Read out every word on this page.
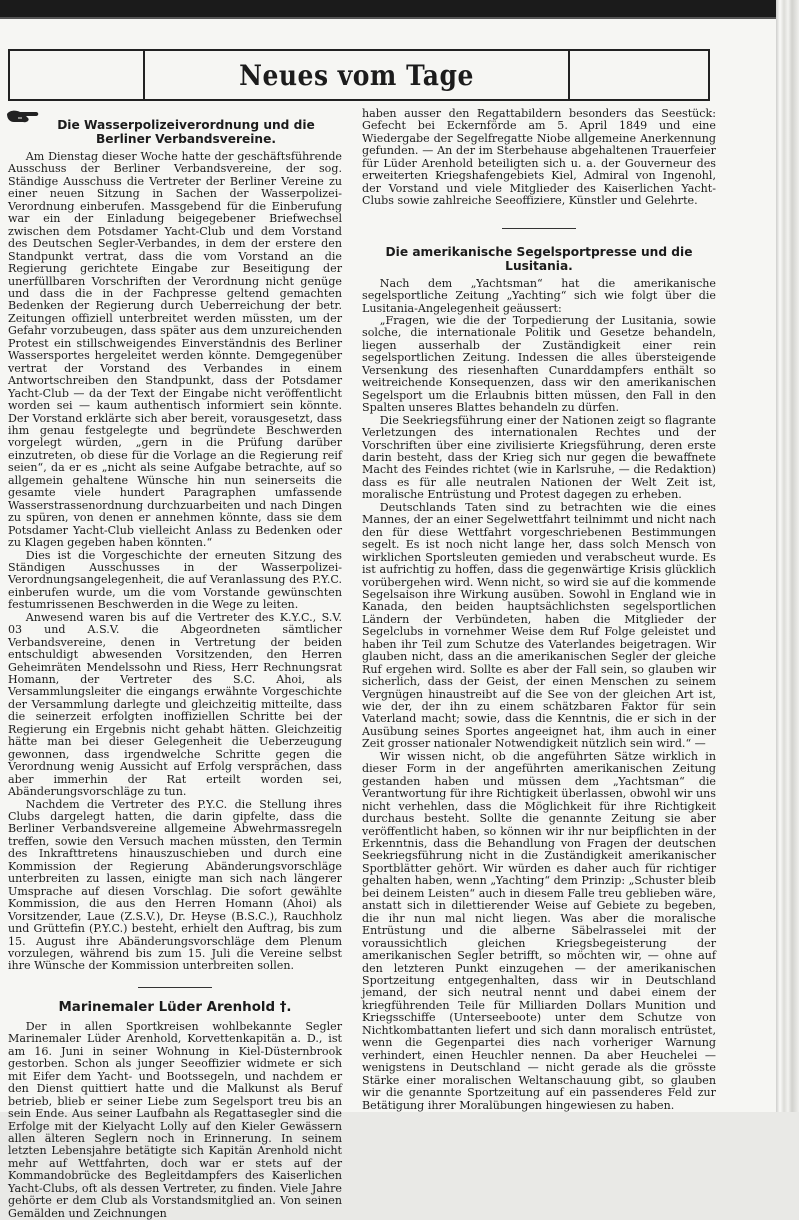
Neues vom Tage
Die Wasserpolizeiverordnung und die Berliner Verbandsvereine.

Am Dienstag dieser Woche hatte der geschäftsführende Ausschuss der Berliner Verbandsvereine, der sog. Ständige Ausschuss die Vertreter der Berliner Vereine zu einer neuen Sitzung in Sachen der Wasserpolizei-Verordnung einberufen. Massgebend für die Einberufung war ein der Einladung beigegebener Briefwechsel zwischen dem Potsdamer Yacht-Club und dem Vorstand des Deutschen Segler-Verbandes, in dem der erstere den Standpunkt vertrat, dass die vom Vorstand an die Regierung gerichtete Eingabe zur Beseitigung der unerfüllbaren Vorschriften der Verordnung nicht genüge und dass die in der Fachpresse geltend gemachten Bedenken der Regierung durch Ueberreichung der betr. Zeitungen offiziell unterbreitet werden müssten, um der Gefahr vorzubeugen, dass später aus dem unzureichenden Protest ein stillschweigendes Einverständnis des Berliner Wassersportes hergeleitet werden könnte. Demgegenüber vertrat der Vorstand des Verbandes in einem Antwortschreiben den Standpunkt, dass der Potsdamer Yacht-Club — da der Text der Eingabe nicht veröffentlicht worden sei — kaum authentisch informiert sein könnte. Der Vorstand erklärte sich aber bereit, vorausgesetzt, dass ihm genau festgelegte und begründete Beschwerden vorgelegt würden, „gern in die Prüfung darüber einzutreten, ob diese für die Vorlage an die Regierung reif seien“, da er es „nicht als seine Aufgabe betrachte, auf so allgemein gehaltene Wünsche hin nun seinerseits die gesamte viele hundert Paragraphen umfassende Wasserstrassenordnung durchzuarbeiten und nach Dingen zu spüren, von denen er annehmen könnte, dass sie dem Potsdamer Yacht-Club vielleicht Anlass zu Bedenken oder zu Klagen gegeben haben könnten.“

Dies ist die Vorgeschichte der erneuten Sitzung des Ständigen Ausschusses in der Wasserpolizei-Verordnungsangelegenheit, die auf Veranlassung des P.Y.C. einberufen wurde, um die vom Vorstande gewünschten festumrissenen Beschwerden in die Wege zu leiten.

Anwesend waren bis auf die Vertreter des K.Y.C., S.V. 03 und A.S.V. die Abgeordneten sämtlicher Verbandsvereine, denen in Vertretung der beiden entschuldigt abwesenden Vorsitzenden, den Herren Geheimräten Mendelssohn und Riess, Herr Rechnungsrat Homann, der Vertreter des S.C. Ahoi, als Versammlungsleiter die eingangs erwähnte Vorgeschichte der Versammlung darlegte und gleichzeitig mitteilte, dass die seinerzeit erfolgten inoffiziellen Schritte bei der Regierung ein Ergebnis nicht gehabt hätten. Gleichzeitig hätte man bei dieser Gelegenheit die Ueberzeugung gewonnen, dass irgendwelche Schritte gegen die Verordnung wenig Aussicht auf Erfolg versprächen, dass aber immerhin der Rat erteilt worden sei, Abänderungsvorschläge zu tun.

Nachdem die Vertreter des P.Y.C. die Stellung ihres Clubs dargelegt hatten, die darin gipfelte, dass die Berliner Verbandsvereine allgemeine Abwehrmassregeln treffen, sowie den Versuch machen müssten, den Termin des Inkrafttretens hinauszuschieben und durch eine Kommission der Regierung Abänderungsvorschläge unterbreiten zu lassen, einigte man sich nach längerer Umsprache auf diesen Vorschlag. Die sofort gewählte Kommission, die aus den Herren Homann (Ahoi) als Vorsitzender, Laue (Z.S.V.), Dr. Heyse (B.S.C.), Rauchholz und Grüttefin (P.Y.C.) besteht, erhielt den Auftrag, bis zum 15. August ihre Abänderungsvorschläge dem Plenum vorzulegen, während bis zum 15. Juli die Vereine selbst ihre Wünsche der Kommission unterbreiten sollen.

Marinemaler Lüder Arenhold †.

Der in allen Sportkreisen wohlbekannte Segler Marinemaler Lüder Arenhold, Korvettenkapitän a. D., ist am 16. Juni in seiner Wohnung in Kiel-Düsternbrook gestorben. Schon als junger Seeoffizier widmete er sich mit Eifer dem Yacht- und Bootssegeln, und nachdem er den Dienst quittiert hatte und die Malkunst als Beruf betrieb, blieb er seiner Liebe zum Segelsport treu bis an sein Ende. Aus seiner Laufbahn als Regattasegler sind die Erfolge mit der Kielyacht Lolly auf den Kieler Gewässern allen älteren Seglern noch in Erinnerung. In seinem letzten Lebensjahre betätigte sich Kapitän Arenhold nicht mehr auf Wettfahrten, doch war er stets auf der Kommandobrücke des Begleitdampfers des Kaiserlichen Yacht-Clubs, oft als dessen Vertreter, zu finden. Viele Jahre gehörte er dem Club als Vorstandsmitglied an. Von seinen Gemälden und Zeichnungen

haben ausser den Regattabildern besonders das Seestück: Gefecht bei Eckernförde am 5. April 1849 und eine Wiedergabe der Segelfregatte Niobe allgemeine Anerkennung gefunden. — An der im Sterbehause abgehaltenen Trauerfeier für Lüder Arenhold beteiligten sich u. a. der Gouverneur des erweiterten Kriegshafengebiets Kiel, Admiral von Ingenohl, der Vorstand und viele Mitglieder des Kaiserlichen Yacht-Clubs sowie zahlreiche Seeoffiziere, Künstler und Gelehrte.

Die amerikanische Segelsportpresse und die Lusitania.

Nach dem „Yachtsman“ hat die amerikanische segelsportliche Zeitung „Yachting“ sich wie folgt über die Lusitania-Angelegenheit geäussert:

„Fragen, wie die der Torpedierung der Lusitania, sowie solche, die internationale Politik und Gesetze behandeln, liegen ausserhalb der Zuständigkeit einer rein segelsportlichen Zeitung. Indessen die alles übersteigende Versenkung des riesenhaften Cunarddampfers enthält so weitreichende Konsequenzen, dass wir den amerikanischen Segelsport um die Erlaubnis bitten müssen, den Fall in den Spalten unseres Blattes behandeln zu dürfen.

Die Seekriegsführung einer der Nationen zeigt so flagrante Verletzungen des internationalen Rechtes und der Vorschriften über eine zivilisierte Kriegsführung, deren erste darin besteht, dass der Krieg sich nur gegen die bewaffnete Macht des Feindes richtet (wie in Karlsruhe, — die Redaktion) dass es für alle neutralen Nationen der Welt Zeit ist, moralische Entrüstung und Protest dagegen zu erheben.

Deutschlands Taten sind zu betrachten wie die eines Mannes, der an einer Segelwettfahrt teilnimmt und nicht nach den für diese Wettfahrt vorgeschriebenen Bestimmungen segelt. Es ist noch nicht lange her, dass solch Mensch von wirklichen Sportsleuten gemieden und verabscheut wurde. Es ist aufrichtig zu hoffen, dass die gegenwärtige Krisis glücklich vorübergehen wird. Wenn nicht, so wird sie auf die kommende Segelsaison ihre Wirkung ausüben. Sowohl in England wie in Kanada, den beiden hauptsächlichsten segelsportlichen Ländern der Verbündeten, haben die Mitglieder der Segelclubs in vornehmer Weise dem Ruf Folge geleistet und haben ihr Teil zum Schutze des Vaterlandes beigetragen. Wir glauben nicht, dass an die amerikanischen Segler der gleiche Ruf ergehen wird. Sollte es aber der Fall sein, so glauben wir sicherlich, dass der Geist, der einen Menschen zu seinem Vergnügen hinaustreibt auf die See von der gleichen Art ist, wie der, der ihn zu einem schätzbaren Faktor für sein Vaterland macht; sowie, dass die Kenntnis, die er sich in der Ausübung seines Sportes angeeignet hat, ihm auch in einer Zeit grosser nationaler Notwendigkeit nützlich sein wird.“ —

Wir wissen nicht, ob die angeführten Sätze wirklich in dieser Form in der angeführten amerikanischen Zeitung gestanden haben und müssen dem „Yachtsman“ die Verantwortung für ihre Richtigkeit überlassen, obwohl wir uns nicht verhehlen, dass die Möglichkeit für ihre Richtigkeit durchaus besteht. Sollte die genannte Zeitung sie aber veröffentlicht haben, so können wir ihr nur beipflichten in der Erkenntnis, dass die Behandlung von Fragen der deutschen Seekriegsführung nicht in die Zuständigkeit amerikanischer Sportblätter gehört. Wir würden es daher auch für richtiger gehalten haben, wenn „Yachting“ dem Prinzip: „Schuster bleib bei deinem Leisten“ auch in diesem Falle treu geblieben wäre, anstatt sich in dilettierender Weise auf Gebiete zu begeben, die ihr nun mal nicht liegen. Was aber die moralische Entrüstung und die alberne Säbelrasselei mit der voraussichtlich gleichen Kriegsbegeisterung der amerikanischen Segler betrifft, so möchten wir, — ohne auf den letzteren Punkt einzugehen — der amerikanischen Sportzeitung entgegenhalten, dass wir in Deutschland jemand, der sich neutral nennt und dabei einem der kriegführenden Teile für Milliarden Dollars Munition und Kriegsschiffe (Unterseeboote) unter dem Schutze von Nichtkombattanten liefert und sich dann moralisch entrüstet, wenn die Gegenpartei dies nach vorheriger Warnung verhindert, einen Heuchler nennen. Da aber Heuchelei — wenigstens in Deutschland — nicht gerade als die grösste Stärke einer moralischen Weltanschauung gibt, so glauben wir die genannte Sportzeitung auf ein passenderes Feld zur Betätigung ihrer Moralübungen hingewiesen zu haben.
